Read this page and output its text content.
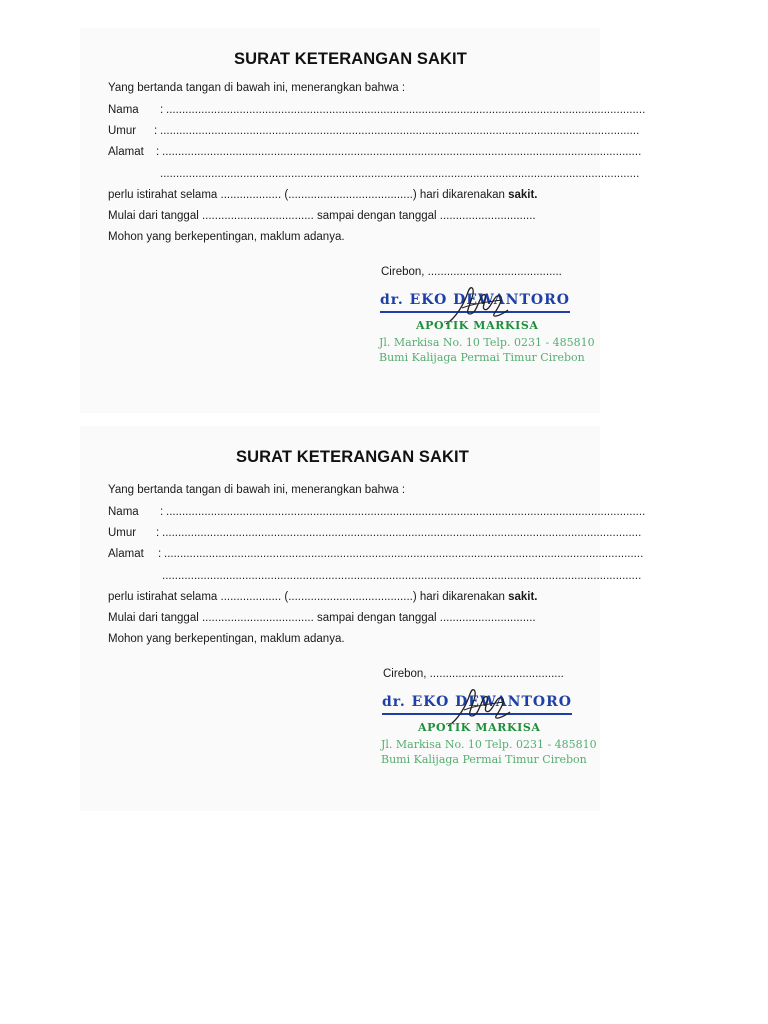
SURAT KETERANGAN SAKIT
Yang bertanda tangan di bawah ini, menerangkan bahwa :
Nama : ......................................................................................................................................................
Umur : ......................................................................................................................................................
Alamat : ......................................................................................................................................................
......................................................................................................................................................
perlu istirahat selama ................... (.......................................) hari dikarenakan sakit.
Mulai dari tanggal ................................... sampai dengan tanggal ..............................
Mohon yang berkepentingan, maklum adanya.
Cirebon, ..........................................
dr. EKO DEWANTORO
APOTIK MARKISA
Jl. Markisa No. 10 Telp. 0231 - 485810
Bumi Kalijaga Permai Timur Cirebon
SURAT KETERANGAN SAKIT
Yang bertanda tangan di bawah ini, menerangkan bahwa :
Nama : ......................................................................................................................................................
Umur : ......................................................................................................................................................
Alamat : ......................................................................................................................................................
......................................................................................................................................................
perlu istirahat selama ................... (.......................................) hari dikarenakan sakit.
Mulai dari tanggal ................................... sampai dengan tanggal ..............................
Mohon yang berkepentingan, maklum adanya.
Cirebon, ..........................................
dr. EKO DEWANTORO
APOTIK MARKISA
Jl. Markisa No. 10 Telp. 0231 - 485810
Bumi Kalijaga Permai Timur Cirebon
